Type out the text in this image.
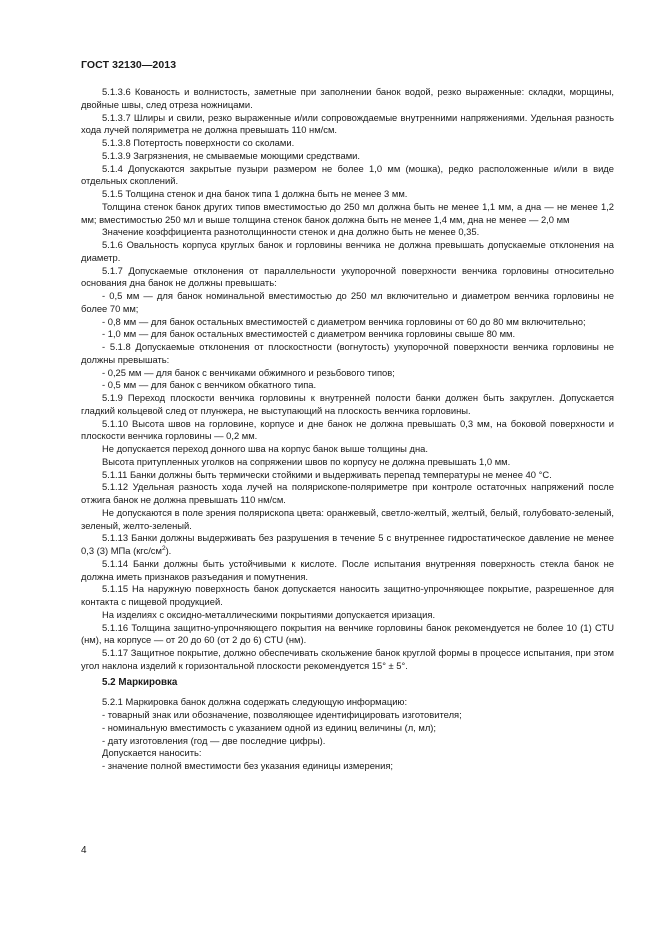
ГОСТ 32130—2013

5.1.3.6 Кованость и волнистость, заметные при заполнении банок водой, резко выраженные: складки, морщины, двойные швы, след отреза ножницами.

5.1.3.7 Шлиры и свили, резко выраженные и/или сопровождаемые внутренними напряжениями. Удельная разность хода лучей поляриметра не должна превышать 110 нм/см.

5.1.3.8 Потертость поверхности со сколами.

5.1.3.9 Загрязнения, не смываемые моющими средствами.

5.1.4 Допускаются закрытые пузыри размером не более 1,0 мм (мошка), редко расположенные и/или в виде отдельных скоплений.

5.1.5 Толщина стенок и дна банок типа 1 должна быть не менее 3 мм.

Толщина стенок банок других типов вместимостью до 250 мл должна быть не менее 1,1 мм, а дна — не менее 1,2 мм; вместимостью 250 мл и выше толщина стенок банок должна быть не менее 1,4 мм, дна не менее — 2,0 мм

Значение коэффициента разнотолщинности стенок и дна должно быть не менее 0,35.

5.1.6 Овальность корпуса круглых банок и горловины венчика не должна превышать допускаемые отклонения на диаметр.

5.1.7 Допускаемые отклонения от параллельности укупорочной поверхности венчика горловины относительно основания дна банок не должны превышать:

- 0,5 мм — для банок номинальной вместимостью до 250 мл включительно и диаметром венчика горловины не более 70 мм;

- 0,8 мм — для банок остальных вместимостей с диаметром венчика горловины от 60 до 80 мм включительно;

- 1,0 мм — для банок остальных вместимостей с диаметром венчика горловины свыше 80 мм.

- 5.1.8 Допускаемые отклонения от плоскостности (вогнутость) укупорочной поверхности венчика горловины не должны превышать:

- 0,25 мм — для банок с венчиками обжимного и резьбового типов;

- 0,5 мм — для банок с венчиком обкатного типа.

5.1.9 Переход плоскости венчика горловины к внутренней полости банки должен быть закруглен. Допускается гладкий кольцевой след от плунжера, не выступающий на плоскость венчика горловины.

5.1.10 Высота швов на горловине, корпусе и дне банок не должна превышать 0,3 мм, на боковой поверхности и плоскости венчика горловины — 0,2 мм.

Не допускается переход донного шва на корпус банок выше толщины дна.

Высота притупленных уголков на сопряжении швов по корпусу не должна превышать 1,0 мм.

5.1.11 Банки должны быть термически стойкими и выдерживать перепад температуры не менее 40 °С.

5.1.12 Удельная разность хода лучей на полярископе-поляриметре при контроле остаточных напряжений после отжига банок не должна превышать 110 нм/см.

Не допускаются в поле зрения полярископа цвета: оранжевый, светло-желтый, желтый, белый, голубовато-зеленый, зеленый, желто-зеленый.

5.1.13 Банки должны выдерживать без разрушения в течение 5 с внутреннее гидростатическое давление не менее 0,3 (3) МПа $(кгс/см^2)$.

5.1.14 Банки должны быть устойчивыми к кислоте. После испытания внутренняя поверхность стекла банок не должна иметь признаков разъедания и помутнения.

5.1.15 На наружную поверхность банок допускается наносить защитно-упрочняющее покрытие, разрешенное для контакта с пищевой продукцией.

На изделиях с оксидно-металлическими покрытиями допускается иризация.

5.1.16 Толщина защитно-упрочняющего покрытия на венчике горловины банок рекомендуется не более 10 (1) СТU (нм), на корпусе — от 20 до 60 (от 2 до 6) СТU (нм).

5.1.17 Защитное покрытие, должно обеспечивать скольжение банок круглой формы в процессе испытания, при этом угол наклона изделий к горизонтальной плоскости рекомендуется 15° ± 5°.

5.2 Маркировка

5.2.1 Маркировка банок должна содержать следующую информацию:

- товарный знак или обозначение, позволяющее идентифицировать изготовителя;

- номинальную вместимость с указанием одной из единиц величины (л, мл);

- дату изготовления (год — две последние цифры).

Допускается наносить:

- значение полной вместимости без указания единицы измерения;

4
